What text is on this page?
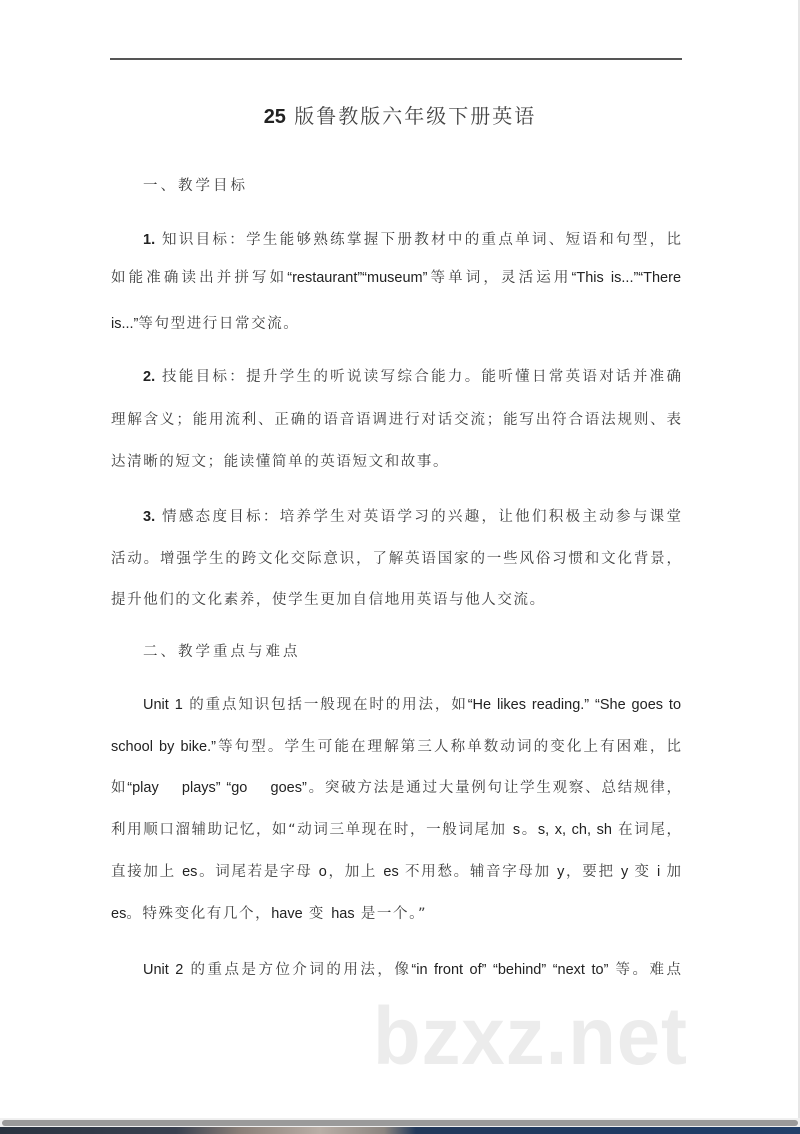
25 版鲁教版六年级下册英语
一、教学目标
1. 知识目标：学生能够熟练掌握下册教材中的重点单词、短语和句型，比
如能准确读出并拼写如“restaurant”“museum”等单词，灵活运用“This is...”“There
is...”等句型进行日常交流。
2. 技能目标：提升学生的听说读写综合能力。能听懂日常英语对话并准确
理解含义；能用流利、正确的语音语调进行对话交流；能写出符合语法规则、表
达清晰的短文；能读懂简单的英语短文和故事。
3. 情感态度目标：培养学生对英语学习的兴趣，让他们积极主动参与课堂
活动。增强学生的跨文化交际意识，了解英语国家的一些风俗习惯和文化背景，
提升他们的文化素养，使学生更加自信地用英语与他人交流。
二、教学重点与难点
Unit 1 的重点知识包括一般现在时的用法，如“He likes reading.” “She goes to
school by bike.”等句型。学生可能在理解第三人称单数动词的变化上有困难，比
如“play    plays” “go    goes”。突破方法是通过大量例句让学生观察、总结规律，
利用顺口溜辅助记忆，如“动词三单现在时，一般词尾加 s。s, x, ch, sh 在词尾，
直接加上 es。词尾若是字母 o，加上 es 不用愁。辅音字母加 y，要把 y 变 i 加
es。特殊变化有几个，have 变 has 是一个。”
Unit 2 的重点是方位介词的用法，像“in front of” “behind” “next to” 等。难点
bzxz.net
